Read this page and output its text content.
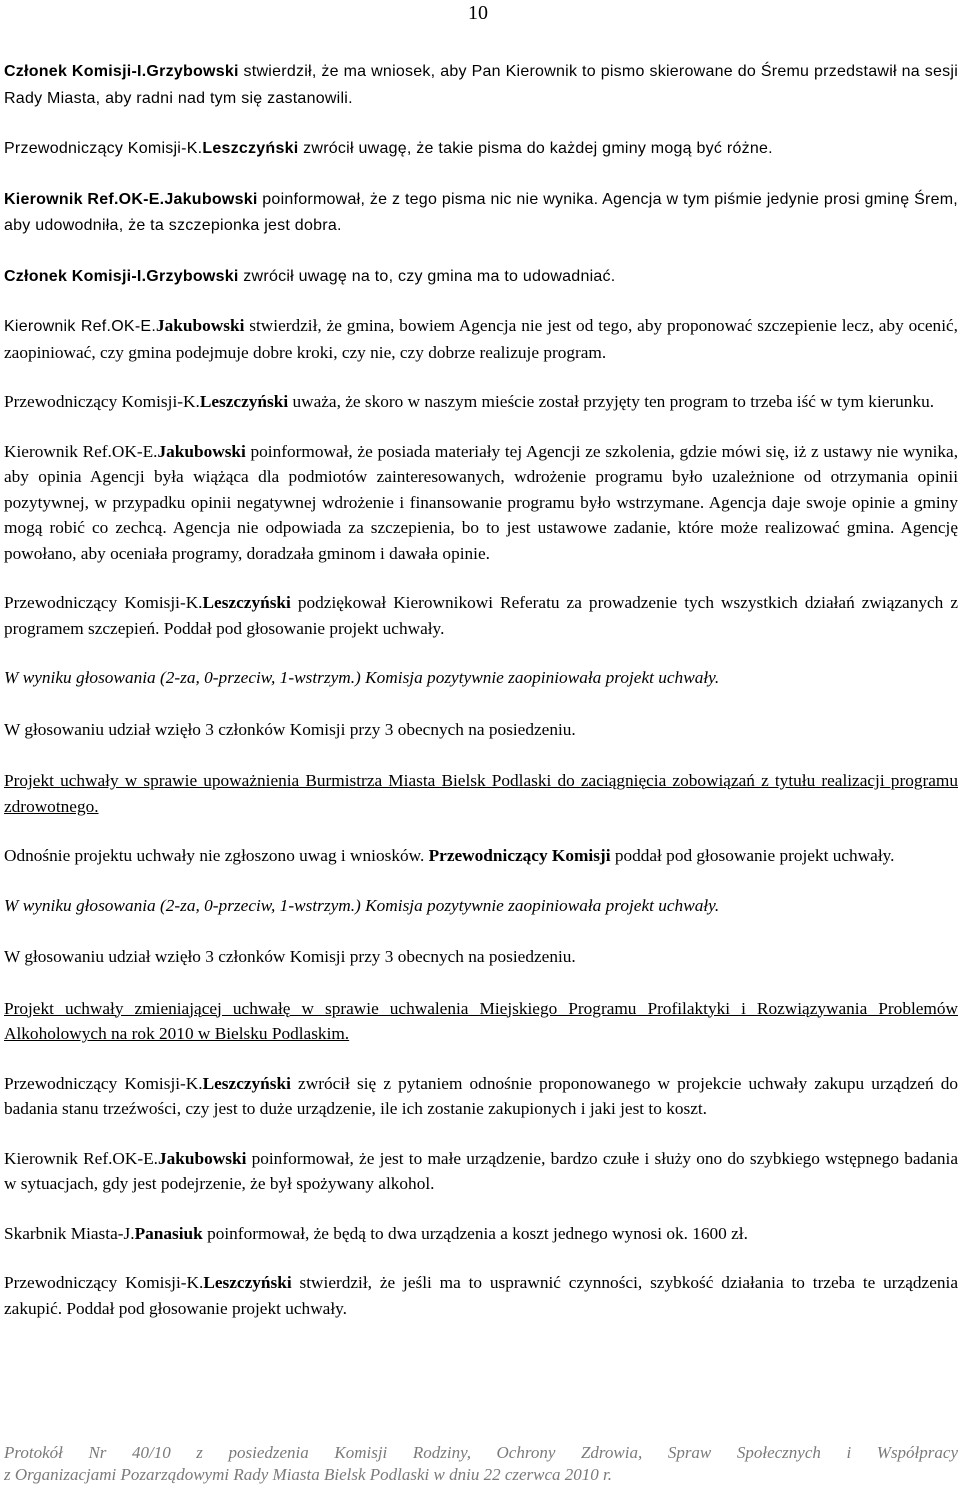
10

Członek Komisji-I.Grzybowski stwierdził, że ma wniosek, aby Pan Kierownik to pismo skierowane do Śremu przedstawił na sesji Rady Miasta, aby radni nad tym się zastanowili.

Przewodniczący Komisji-K.Leszczyński zwrócił uwagę, że takie pisma do każdej gminy mogą być różne.

Kierownik Ref.OK-E.Jakubowski poinformował, że z tego pisma nic nie wynika. Agencja w tym piśmie jedynie prosi gminę Śrem, aby udowodniła, że ta szczepionka jest dobra.

Członek Komisji-I.Grzybowski zwrócił uwagę na to, czy gmina ma to udowadniać.

Kierownik Ref.OK-E.Jakubowski stwierdził, że gmina, bowiem Agencja nie jest od tego, aby proponować szczepienie lecz, aby ocenić, zaopiniować, czy gmina podejmuje dobre kroki, czy nie, czy dobrze realizuje program.

Przewodniczący Komisji-K.Leszczyński uważa, że skoro w naszym mieście został przyjęty ten program to trzeba iść w tym kierunku.

Kierownik Ref.OK-E.Jakubowski poinformował, że posiada materiały tej Agencji ze szkolenia, gdzie mówi się, iż z ustawy nie wynika, aby opinia Agencji była wiążąca dla podmiotów zainteresowanych, wdrożenie programu było uzależnione od otrzymania opinii pozytywnej, w przypadku opinii negatywnej wdrożenie i finansowanie programu było wstrzymane. Agencja daje swoje opinie a gminy mogą robić co zechcą. Agencja nie odpowiada za szczepienia, bo to jest ustawowe zadanie, które może realizować gmina. Agencję powołano, aby oceniała programy, doradzała gminom i dawała opinie.

Przewodniczący Komisji-K.Leszczyński podziękował Kierownikowi Referatu za prowadzenie tych wszystkich działań związanych z programem szczepień. Poddał pod głosowanie projekt uchwały.

W wyniku głosowania (2-za, 0-przeciw, 1-wstrzym.) Komisja pozytywnie zaopiniowała projekt uchwały.

W głosowaniu udział wzięło 3 członków Komisji przy 3 obecnych na posiedzeniu.

Projekt uchwały w sprawie upoważnienia Burmistrza Miasta Bielsk Podlaski do zaciągnięcia zobowiązań z tytułu realizacji programu zdrowotnego.

Odnośnie projektu uchwały nie zgłoszono uwag i wniosków. Przewodniczący Komisji poddał pod głosowanie projekt uchwały.

W wyniku głosowania (2-za, 0-przeciw, 1-wstrzym.) Komisja pozytywnie zaopiniowała projekt uchwały.

W głosowaniu udział wzięło 3 członków Komisji przy 3 obecnych na posiedzeniu.

Projekt uchwały zmieniającej uchwałę w sprawie uchwalenia Miejskiego Programu Profilaktyki i Rozwiązywania Problemów Alkoholowych na rok 2010 w Bielsku Podlaskim.

Przewodniczący Komisji-K.Leszczyński zwrócił się z pytaniem odnośnie proponowanego w projekcie uchwały zakupu urządzeń do badania stanu trzeźwości, czy jest to duże urządzenie, ile ich zostanie zakupionych i jaki jest to koszt.

Kierownik Ref.OK-E.Jakubowski poinformował, że jest to małe urządzenie, bardzo czułe i służy ono do szybkiego wstępnego badania w sytuacjach, gdy jest podejrzenie, że był spożywany alkohol.

Skarbnik Miasta-J.Panasiuk poinformował, że będą to dwa urządzenia a koszt jednego wynosi ok. 1600 zł.

Przewodniczący Komisji-K.Leszczyński stwierdził, że jeśli ma to usprawnić czynności, szybkość działania to trzeba te urządzenia zakupić. Poddał pod głosowanie projekt uchwały.

Protokół Nr 40/10 z posiedzenia Komisji Rodziny, Ochrony Zdrowia, Spraw Społecznych i Współpracy
z Organizacjami Pozarządowymi Rady Miasta Bielsk Podlaski w dniu 22 czerwca 2010 r.
